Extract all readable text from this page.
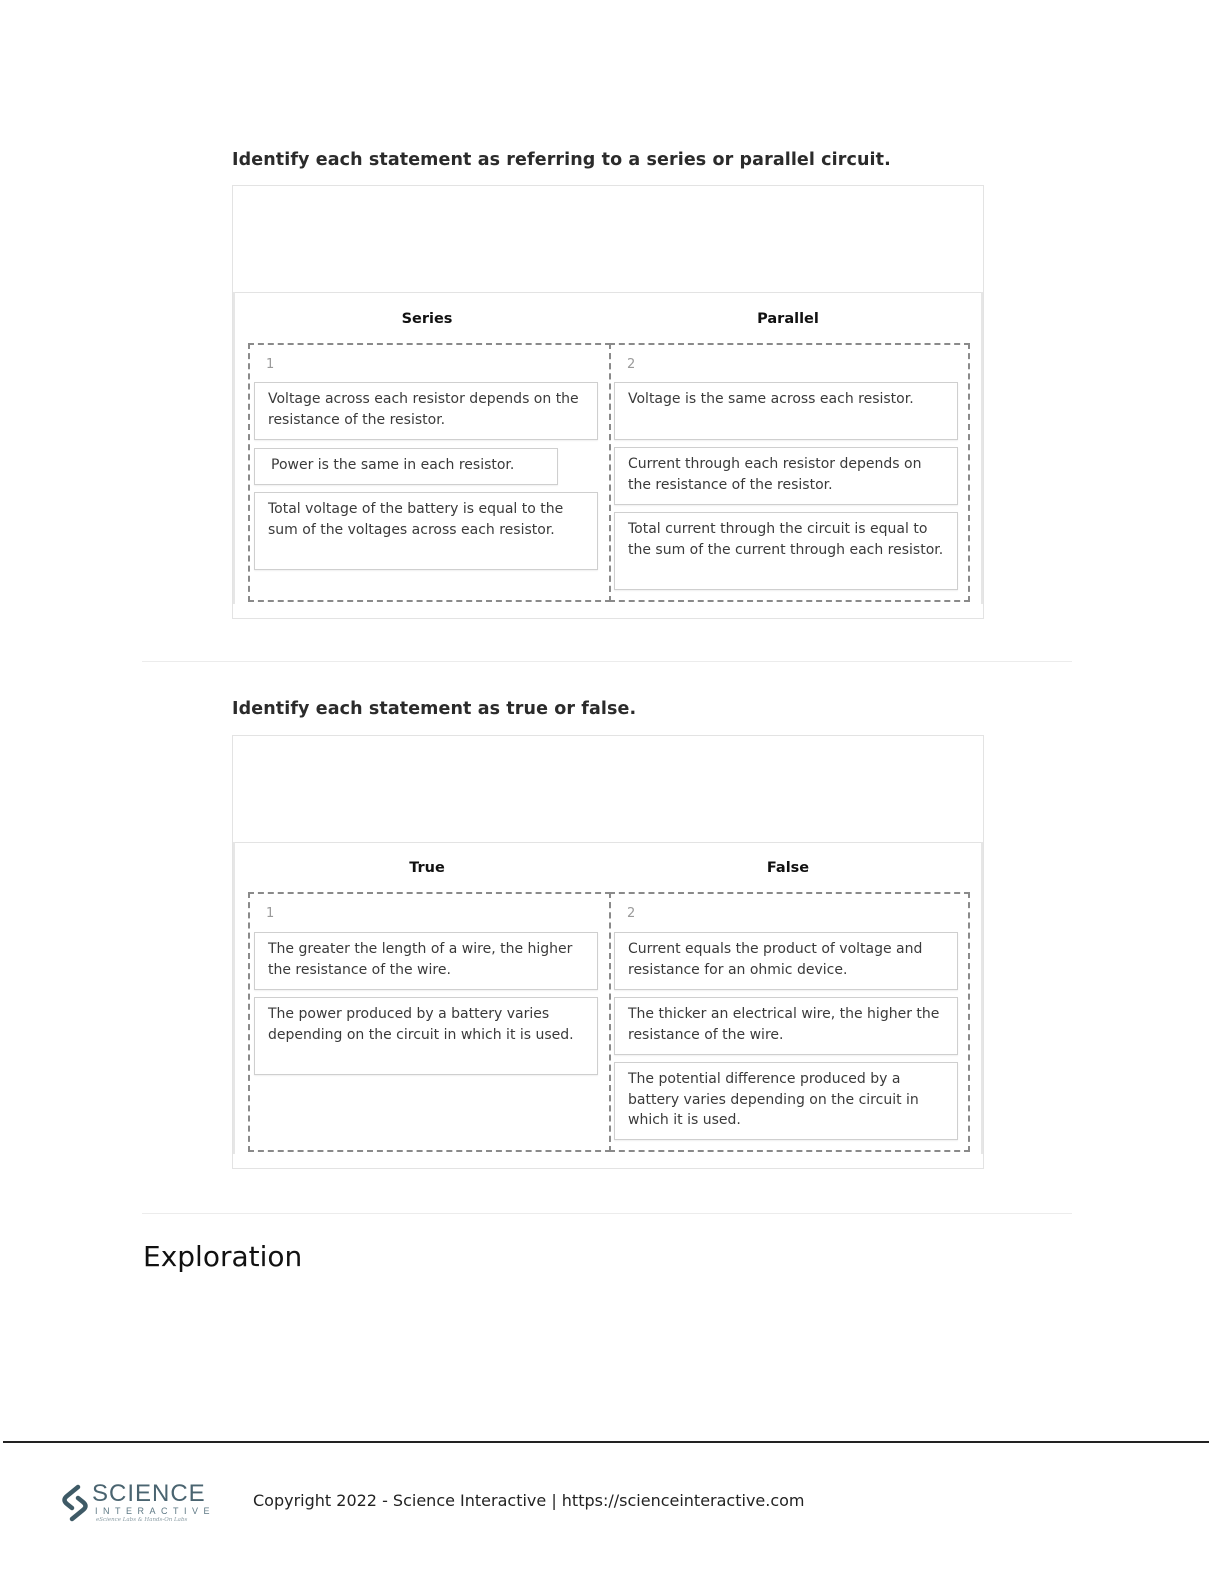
Identify each statement as referring to a series or parallel circuit.
Series	Parallel
1
Voltage across each resistor depends on the resistance of the resistor.
Power is the same in each resistor.
Total voltage of the battery is equal to the sum of the voltages across each resistor.
2
Voltage is the same across each resistor.
Current through each resistor depends on the resistance of the resistor.
Total current through the circuit is equal to the sum of the current through each resistor.
Identify each statement as true or false.
True	False
1
The greater the length of a wire, the higher the resistance of the wire.
The power produced by a battery varies depending on the circuit in which it is used.
2
Current equals the product of voltage and resistance for an ohmic device.
The thicker an electrical wire, the higher the resistance of the wire.
The potential difference produced by a battery varies depending on the circuit in which it is used.
Exploration
SCIENCE
INTERACTIVE
eScience Labs & Hands-On Labs
Copyright 2022 - Science Interactive | https://scienceinteractive.com
